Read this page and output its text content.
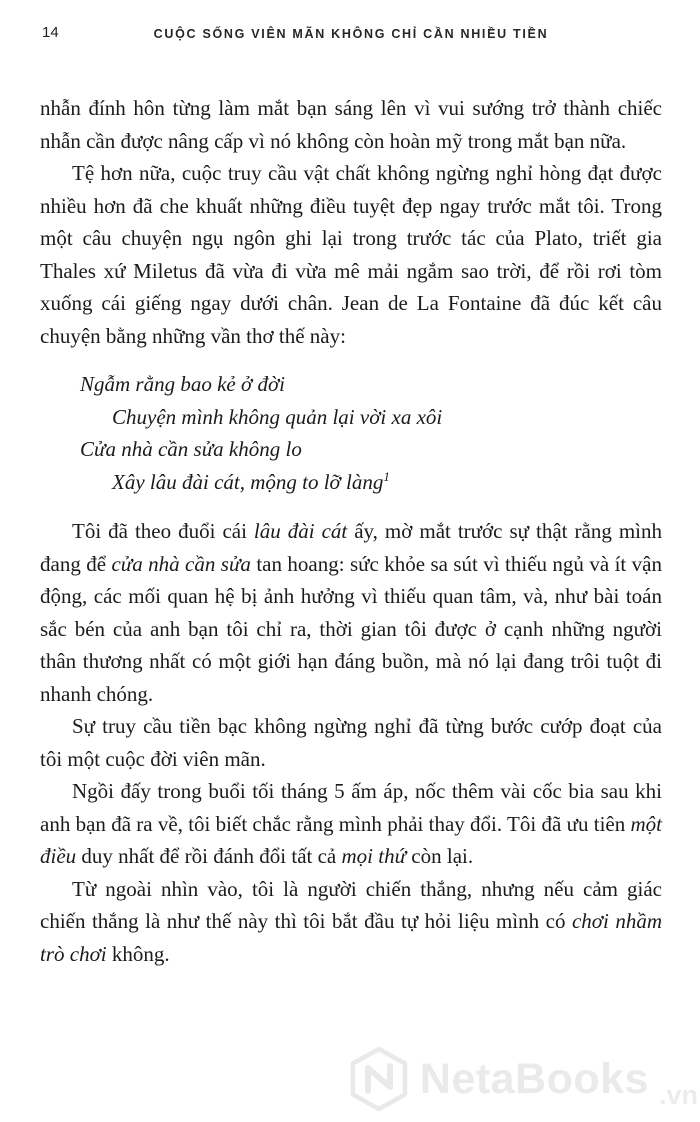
14	CUỘC SỐNG VIÊN MÃN KHÔNG CHỈ CẦN NHIỀU TIỀN

nhẫn đính hôn từng làm mắt bạn sáng lên vì vui sướng trở thành chiếc nhẫn cần được nâng cấp vì nó không còn hoàn mỹ trong mắt bạn nữa.

Tệ hơn nữa, cuộc truy cầu vật chất không ngừng nghỉ hòng đạt được nhiều hơn đã che khuất những điều tuyệt đẹp ngay trước mắt tôi. Trong một câu chuyện ngụ ngôn ghi lại trong trước tác của Plato, triết gia Thales xứ Miletus đã vừa đi vừa mê mải ngắm sao trời, để rồi rơi tòm xuống cái giếng ngay dưới chân. Jean de La Fontaine đã đúc kết câu chuyện bằng những vần thơ thế này:

Ngẫm rằng bao kẻ ở đời
Chuyện mình không quản lại vời xa xôi
Cửa nhà cần sửa không lo
Xây lâu đài cát, mộng to lỡ làng$^1$

Tôi đã theo đuổi cái lâu đài cát ấy, mờ mắt trước sự thật rằng mình đang để cửa nhà cần sửa tan hoang: sức khỏe sa sút vì thiếu ngủ và ít vận động, các mối quan hệ bị ảnh hưởng vì thiếu quan tâm, và, như bài toán sắc bén của anh bạn tôi chỉ ra, thời gian tôi được ở cạnh những người thân thương nhất có một giới hạn đáng buồn, mà nó lại đang trôi tuột đi nhanh chóng.

Sự truy cầu tiền bạc không ngừng nghỉ đã từng bước cướp đoạt của tôi một cuộc đời viên mãn.

Ngồi đấy trong buổi tối tháng 5 ấm áp, nốc thêm vài cốc bia sau khi anh bạn đã ra về, tôi biết chắc rằng mình phải thay đổi. Tôi đã ưu tiên một điều duy nhất để rồi đánh đổi tất cả mọi thứ còn lại.

Từ ngoài nhìn vào, tôi là người chiến thắng, nhưng nếu cảm giác chiến thắng là như thế này thì tôi bắt đầu tự hỏi liệu mình có chơi nhầm trò chơi không.

NetaBooks .vn
